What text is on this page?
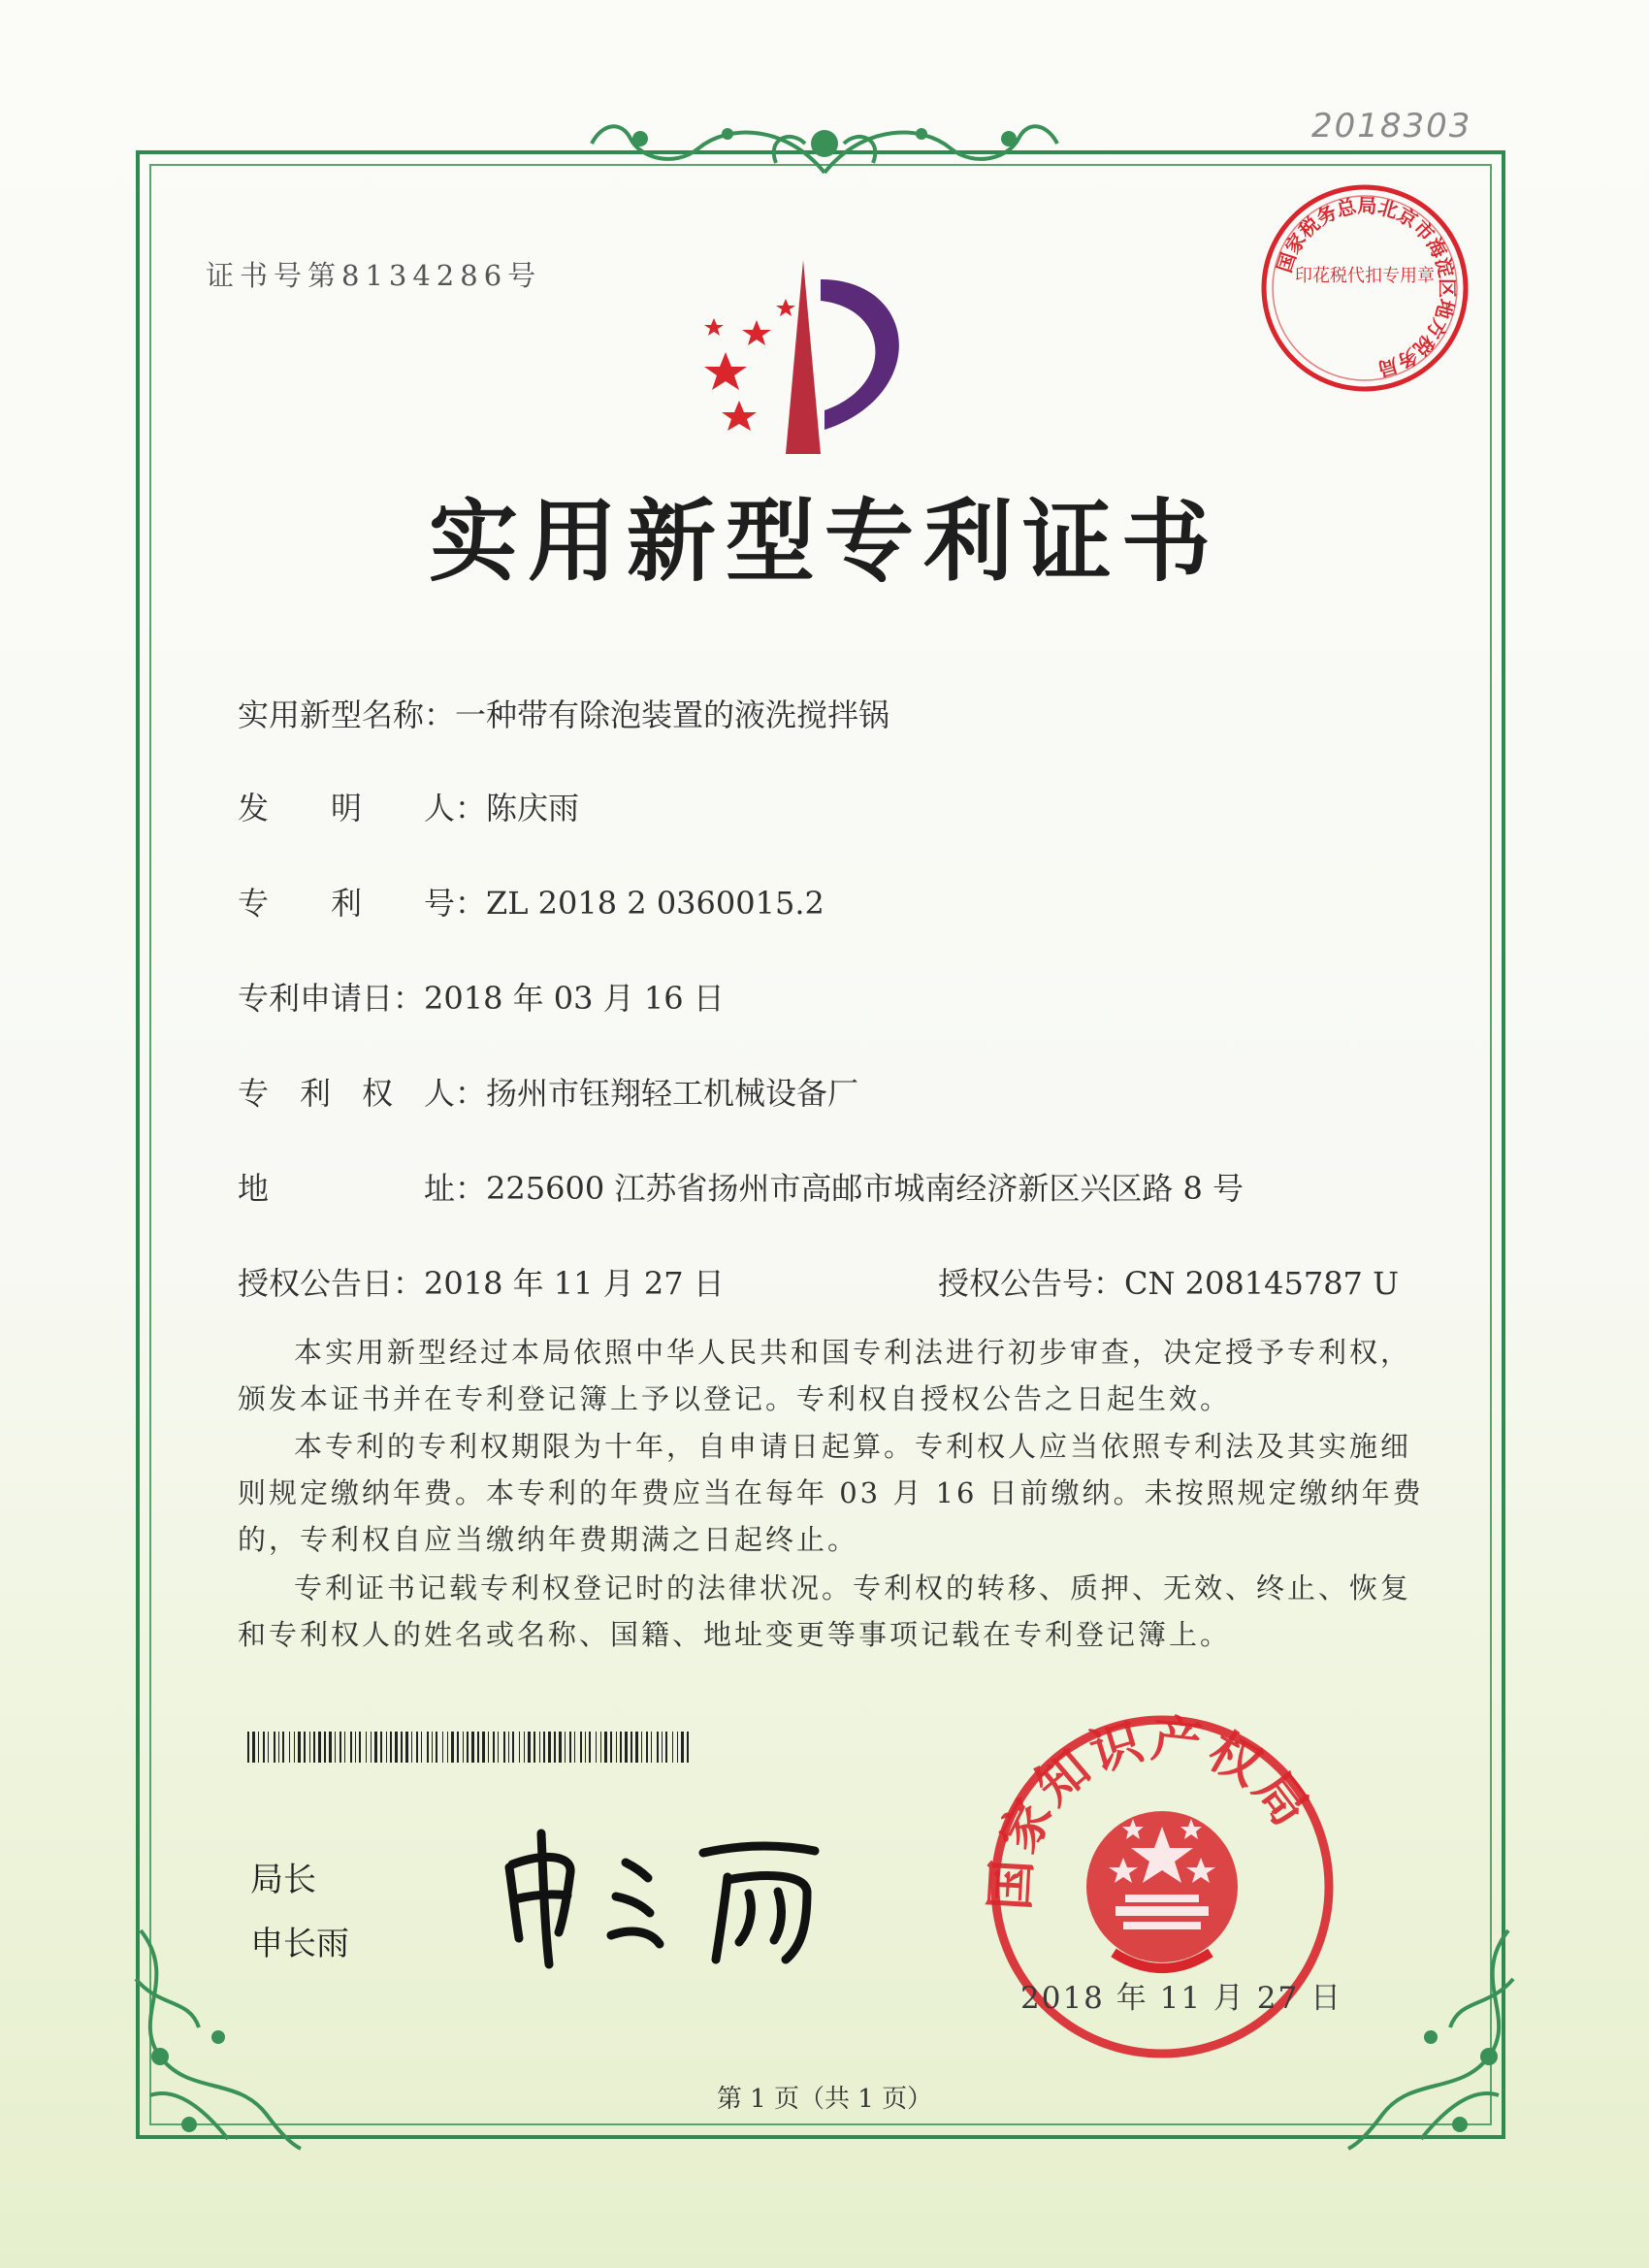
2018303
国家税务总局北京市海淀区地方税务局
印花税代扣专用章
证书号第8134286号
实用新型专利证书
实用新型名称：一种带有除泡装置的液洗搅拌锅
发　　明　　人：陈庆雨
专　　利　　号：ZL 2018 2 0360015.2
专利申请日：2018 年 03 月 16 日
专　利　权　人：扬州市钰翔轻工机械设备厂
地　　　　　址：225600 江苏省扬州市高邮市城南经济新区兴区路 8 号
授权公告日：2018 年 11 月 27 日	授权公告号：CN 208145787 U
本实用新型经过本局依照中华人民共和国专利法进行初步审查，决定授予专利权，颁发本证书并在专利登记簿上予以登记。专利权自授权公告之日起生效。
本专利的专利权期限为十年，自申请日起算。专利权人应当依照专利法及其实施细则规定缴纳年费。本专利的年费应当在每年 03 月 16 日前缴纳。未按照规定缴纳年费的，专利权自应当缴纳年费期满之日起终止。
专利证书记载专利权登记时的法律状况。专利权的转移、质押、无效、终止、恢复和专利权人的姓名或名称、国籍、地址变更等事项记载在专利登记簿上。
局长
申长雨
国家知识产权局
2018 年 11 月 27 日
第 1 页（共 1 页）
